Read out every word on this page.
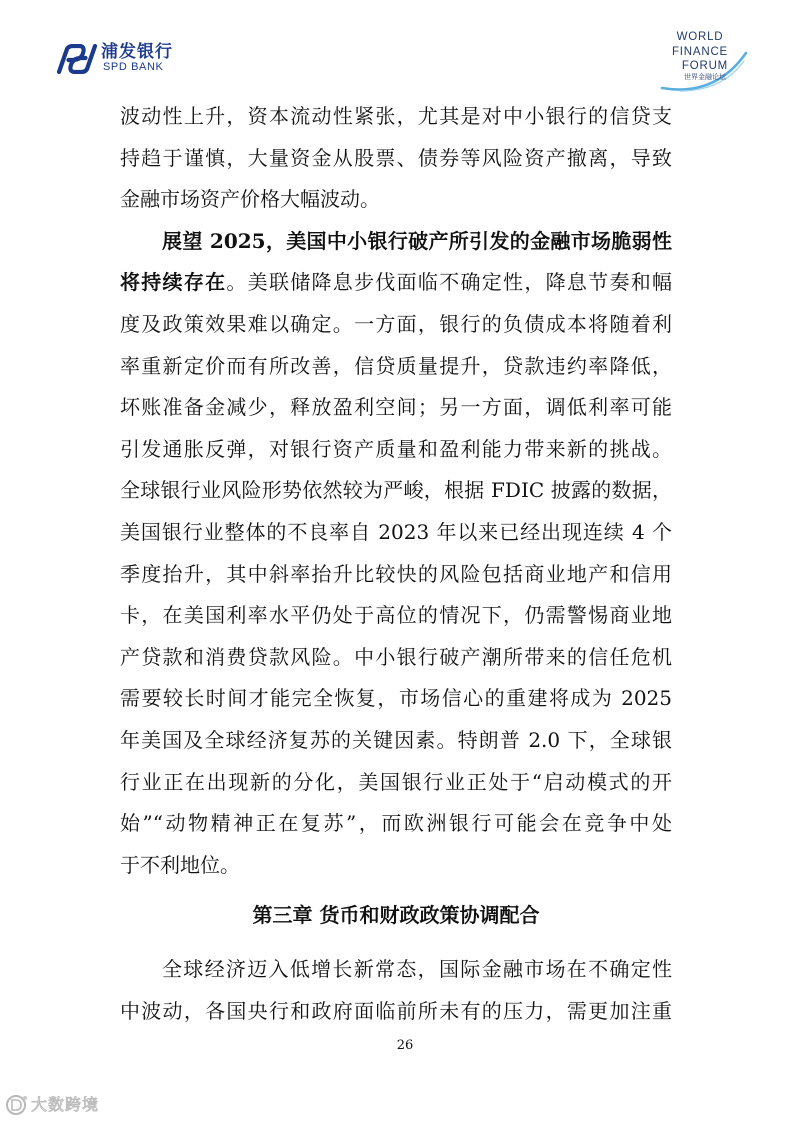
浦发银行
SPD BANK
WORLD
FINANCE
FORUM
世界金融论坛
波动性上升，资本流动性紧张，尤其是对中小银行的信贷支
持趋于谨慎，大量资金从股票、债券等风险资产撤离，导致
金融市场资产价格大幅波动。
展望 2025，美国中小银行破产所引发的金融市场脆弱性
将持续存在。美联储降息步伐面临不确定性，降息节奏和幅
度及政策效果难以确定。一方面，银行的负债成本将随着利
率重新定价而有所改善，信贷质量提升，贷款违约率降低，
坏账准备金减少，释放盈利空间；另一方面，调低利率可能
引发通胀反弹，对银行资产质量和盈利能力带来新的挑战。
全球银行业风险形势依然较为严峻，根据 FDIC 披露的数据，
美国银行业整体的不良率自 2023 年以来已经出现连续 4 个
季度抬升，其中斜率抬升比较快的风险包括商业地产和信用
卡，在美国利率水平仍处于高位的情况下，仍需警惕商业地
产贷款和消费贷款风险。中小银行破产潮所带来的信任危机
需要较长时间才能完全恢复，市场信心的重建将成为 2025
年美国及全球经济复苏的关键因素。特朗普 2.0 下，全球银
行业正在出现新的分化，美国银行业正处于“启动模式的开
始”“动物精神正在复苏”，而欧洲银行可能会在竞争中处
于不利地位。
第三章 货币和财政政策协调配合
全球经济迈入低增长新常态，国际金融市场在不确定性
中波动，各国央行和政府面临前所未有的压力，需更加注重
26
大数跨境
